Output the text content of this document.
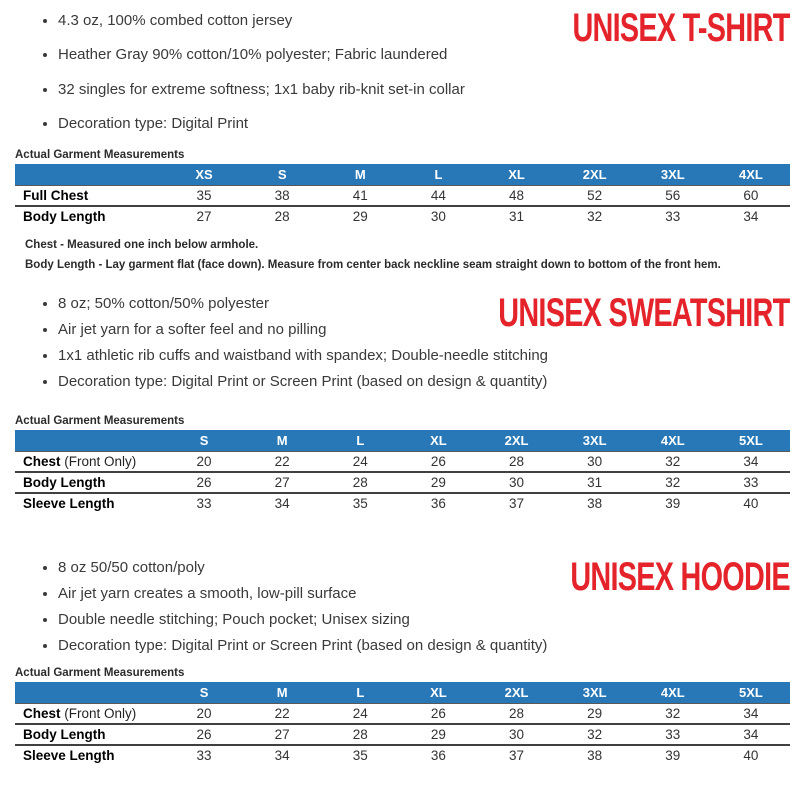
UNISEX T-SHIRT
• 4.3 oz, 100% combed cotton jersey
• Heather Gray 90% cotton/10% polyester; Fabric laundered
• 32 singles for extreme softness; 1x1 baby rib-knit set-in collar
• Decoration type: Digital Print
Actual Garment Measurements
	XS	S	M	L	XL	2XL	3XL	4XL
Full Chest	35	38	41	44	48	52	56	60
Body Length	27	28	29	30	31	32	33	34
Chest - Measured one inch below armhole.
Body Length - Lay garment flat (face down). Measure from center back neckline seam straight down to bottom of the front hem.
UNISEX SWEATSHIRT
• 8 oz; 50% cotton/50% polyester
• Air jet yarn for a softer feel and no pilling
• 1x1 athletic rib cuffs and waistband with spandex; Double-needle stitching
• Decoration type: Digital Print or Screen Print (based on design & quantity)
Actual Garment Measurements
	S	M	L	XL	2XL	3XL	4XL	5XL
Chest (Front Only)	20	22	24	26	28	30	32	34
Body Length	26	27	28	29	30	31	32	33
Sleeve Length	33	34	35	36	37	38	39	40
UNISEX HOODIE
• 8 oz 50/50 cotton/poly
• Air jet yarn creates a smooth, low-pill surface
• Double needle stitching; Pouch pocket; Unisex sizing
• Decoration type: Digital Print or Screen Print (based on design & quantity)
Actual Garment Measurements
	S	M	L	XL	2XL	3XL	4XL	5XL
Chest (Front Only)	20	22	24	26	28	29	32	34
Body Length	26	27	28	29	30	32	33	34
Sleeve Length	33	34	35	36	37	38	39	40
